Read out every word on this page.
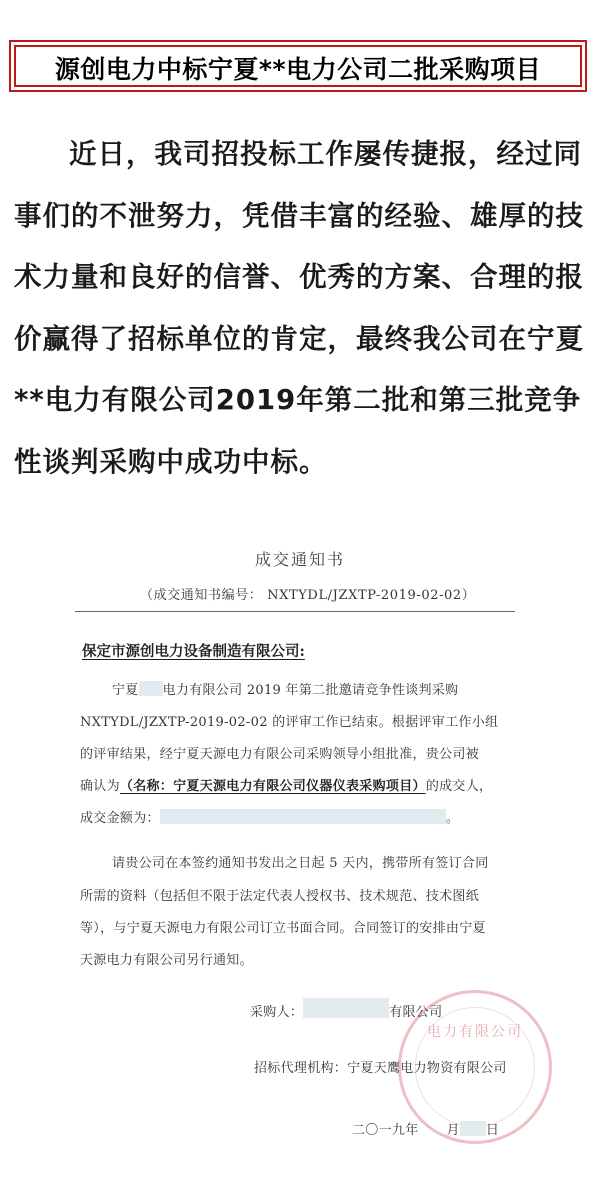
源创电力中标宁夏**电力公司二批采购项目
近日，我司招投标工作屡传捷报，经过同事们的不泄努力，凭借丰富的经验、雄厚的技术力量和良好的信誉、优秀的方案、合理的报价赢得了招标单位的肯定，最终我公司在宁夏**电力有限公司2019年第二批和第三批竞争性谈判采购中成功中标。
成交通知书
（成交通知书编号： NXTYDL/JZXTP-2019-02-02）
保定市源创电力设备制造有限公司:
宁夏 电力有限公司 2019 年第二批邀请竞争性谈判采购
NXTYDL/JZXTP-2019-02-02 的评审工作已结束。根据评审工作小组
的评审结果，经宁夏天源电力有限公司采购领导小组批准，贵公司被
确认为（名称：宁夏天源电力有限公司仪器仪表采购项目）的成交人，
成交金额为：	。
请贵公司在本签约通知书发出之日起 5 天内，携带所有签订合同
所需的资料（包括但不限于法定代表人授权书、技术规范、技术图纸
等），与宁夏天源电力有限公司订立书面合同。合同签订的安排由宁夏
天源电力有限公司另行通知。
电力有限公司
采购人：	有限公司
招标代理机构：宁夏天鹰电力物资有限公司
二〇一九年 月 日
